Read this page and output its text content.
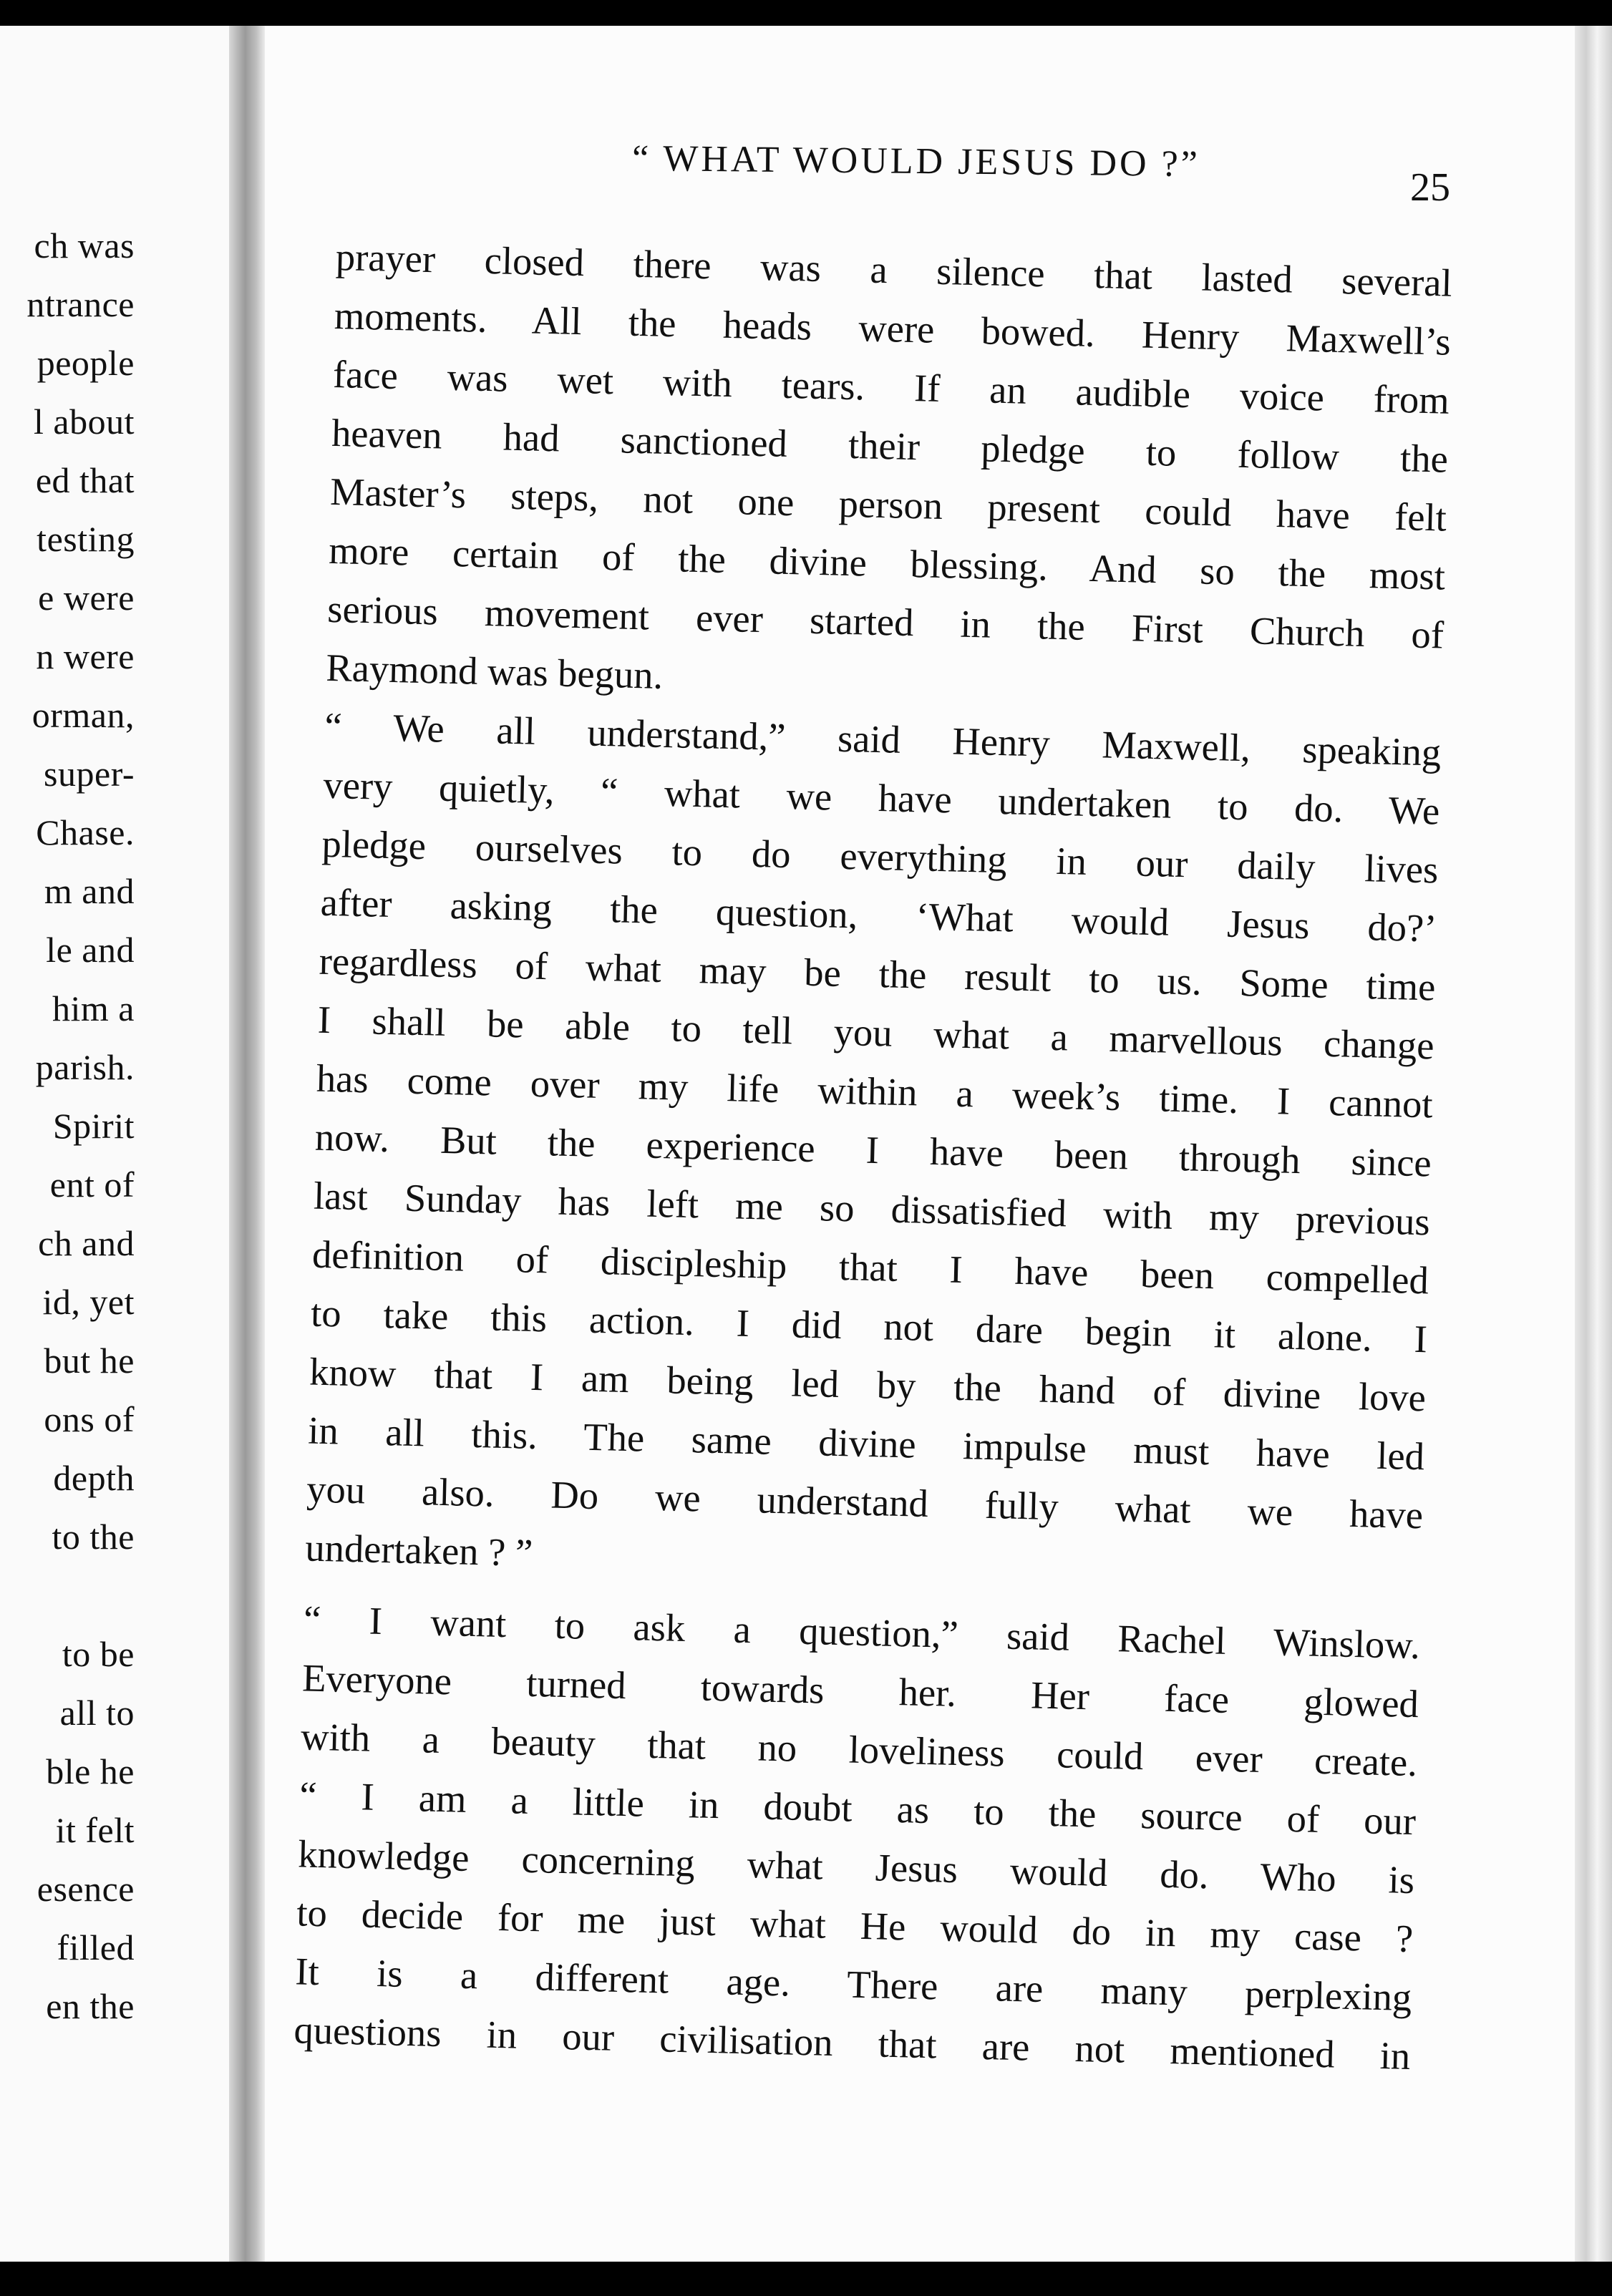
ch was
ntrance
people
l about
ed that
testing
e were
n were
orman,
super-
Chase.
m and
le and
him a
parish.
Spirit
ent of
ch and
id, yet
but he
ons of
depth
to the
to be
all to
ble he
it felt
esence
filled
en the
“ WHAT WOULD JESUS DO ?”
25
prayer closed there was a silence that lasted several
moments. All the heads were bowed. Henry Maxwell’s
face was wet with tears. If an audible voice from
heaven had sanctioned their pledge to follow the
Master’s steps, not one person present could have felt
more certain of the divine blessing. And so the most
serious movement ever started in the First Church of
Raymond was begun.
“ We all understand,” said Henry Maxwell, speaking
very quietly, “ what we have undertaken to do. We
pledge ourselves to do everything in our daily lives
after asking the question, ‘What would Jesus do?’
regardless of what may be the result to us. Some time
I shall be able to tell you what a marvellous change
has come over my life within a week’s time. I cannot
now. But the experience I have been through since
last Sunday has left me so dissatisfied with my previous
definition of discipleship that I have been compelled
to take this action. I did not dare begin it alone. I
know that I am being led by the hand of divine love
in all this. The same divine impulse must have led
you also. Do we understand fully what we have
undertaken ? ”
“ I want to ask a question,” said Rachel Winslow.
Everyone turned towards her. Her face glowed
with a beauty that no loveliness could ever create.
“ I am a little in doubt as to the source of our
knowledge concerning what Jesus would do. Who is
to decide for me just what He would do in my case ?
It is a different age. There are many perplexing
questions in our civilisation that are not mentioned in
